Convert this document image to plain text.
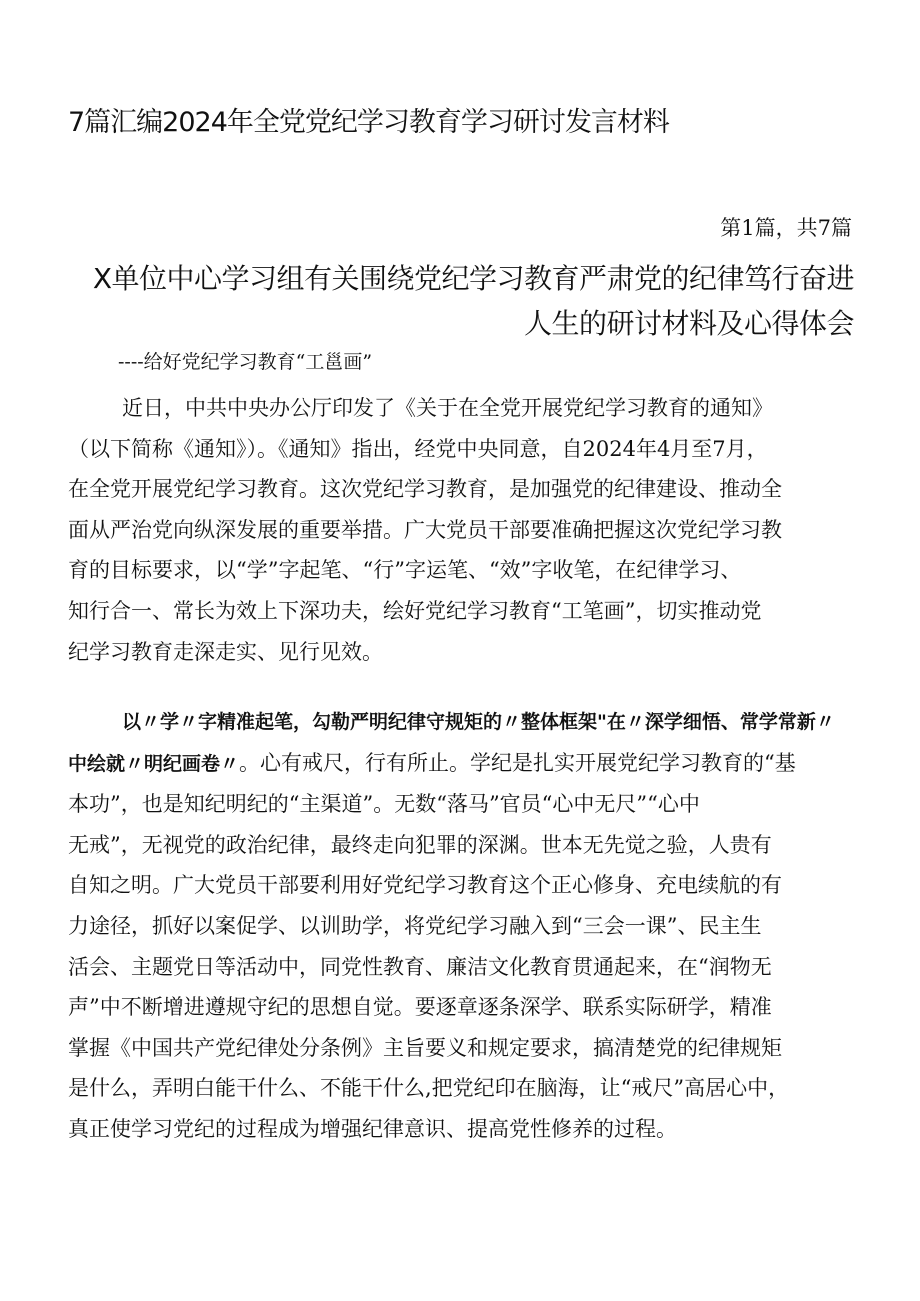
7篇汇编2024年全党党纪学习教育学习研讨发言材料
第1篇，共7篇
X单位中心学习组有关围绕党纪学习教育严肃党的纪律笃行奋进
人生的研讨材料及心得体会
----给好党纪学习教育“工邕画”
近日，中共中央办公厅印发了《关于在全党开展党纪学习教育的通知》
（以下简称《通知》）。《通知》指出，经党中央同意，自2024年4月至7月，
在全党开展党纪学习教育。这次党纪学习教育，是加强党的纪律建设、推动全
面从严治党向纵深发展的重要举措。广大党员干部要准确把握这次党纪学习教
育的目标要求，以“学”字起笔、“行”字运笔、“效”字收笔，在纪律学习、
知行合一、常长为效上下深功夫，绘好党纪学习教育“工笔画”，切实推动党
纪学习教育走深走实、见行见效。
以〃学〃字精准起笔，勾勒严明纪律守规矩的〃整体框架"在〃深学细悟、常学常新〃
中绘就〃明纪画卷〃。心有戒尺，行有所止。学纪是扎实开展党纪学习教育的“基
本功”，也是知纪明纪的“主渠道”。无数“落马”官员“心中无尺”“心中
无戒”，无视党的政治纪律，最终走向犯罪的深渊。世本无先觉之验，人贵有
自知之明。广大党员干部要利用好党纪学习教育这个正心修身、充电续航的有
力途径，抓好以案促学、以训助学，将党纪学习融入到“三会一课”、民主生
活会、主题党日等活动中，同党性教育、廉洁文化教育贯通起来，在“润物无
声”中不断增进遵规守纪的思想自觉。要逐章逐条深学、联系实际研学，精准
掌握《中国共产党纪律处分条例》主旨要义和规定要求，搞清楚党的纪律规矩
是什么，弄明白能干什么、不能干什么,把党纪印在脑海，让“戒尺”高居心中，
真正使学习党纪的过程成为增强纪律意识、提高党性修养的过程。
